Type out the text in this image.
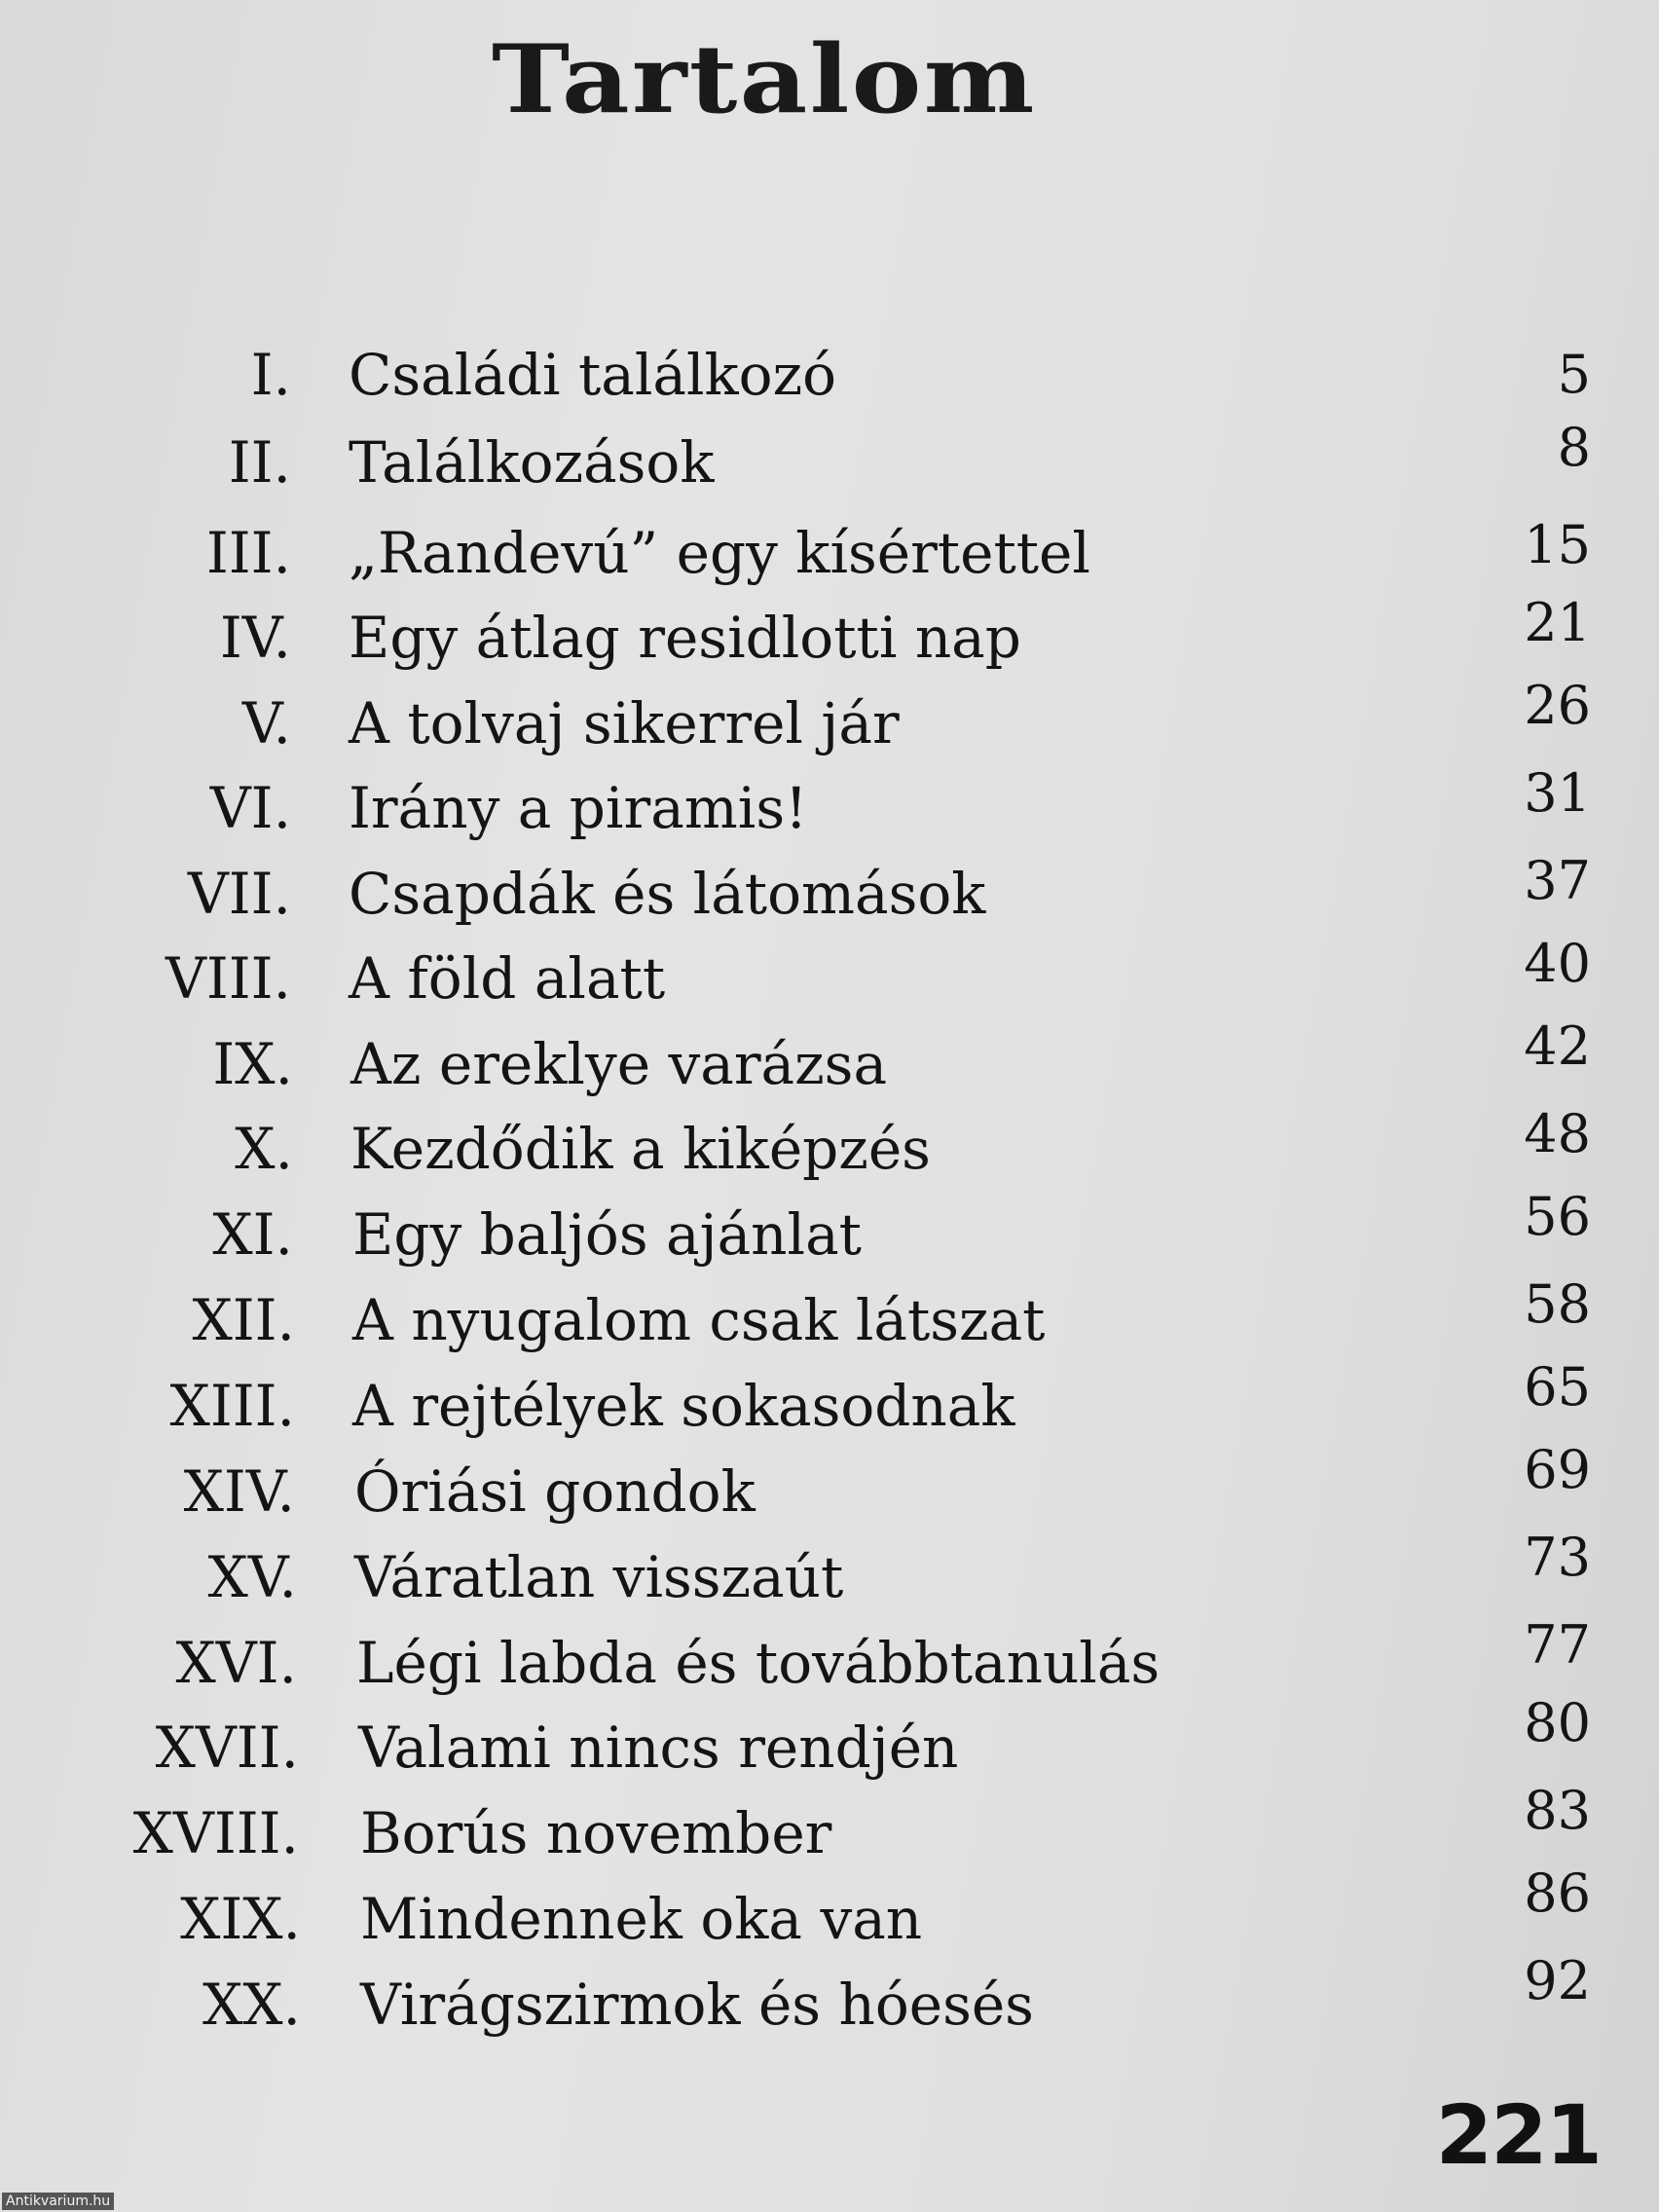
Tartalom
I. Családi találkozó	5
II. Találkozások	8
III. „Randevú” egy kísértettel	15
IV. Egy átlag residlotti nap	21
V. A tolvaj sikerrel jár	26
VI. Irány a piramis!	31
VII. Csapdák és látomások	37
VIII. A föld alatt	40
IX. Az ereklye varázsa	42
X. Kezdődik a kiképzés	48
XI. Egy baljós ajánlat	56
XII. A nyugalom csak látszat	58
XIII. A rejtélyek sokasodnak	65
XIV. Óriási gondok	69
XV. Váratlan visszaút	73
XVI. Légi labda és továbbtanulás	77
XVII. Valami nincs rendjén	80
XVIII. Borús november	83
XIX. Mindennek oka van	86
XX. Virágszirmok és hóesés	92
221
Antikvarium.hu
